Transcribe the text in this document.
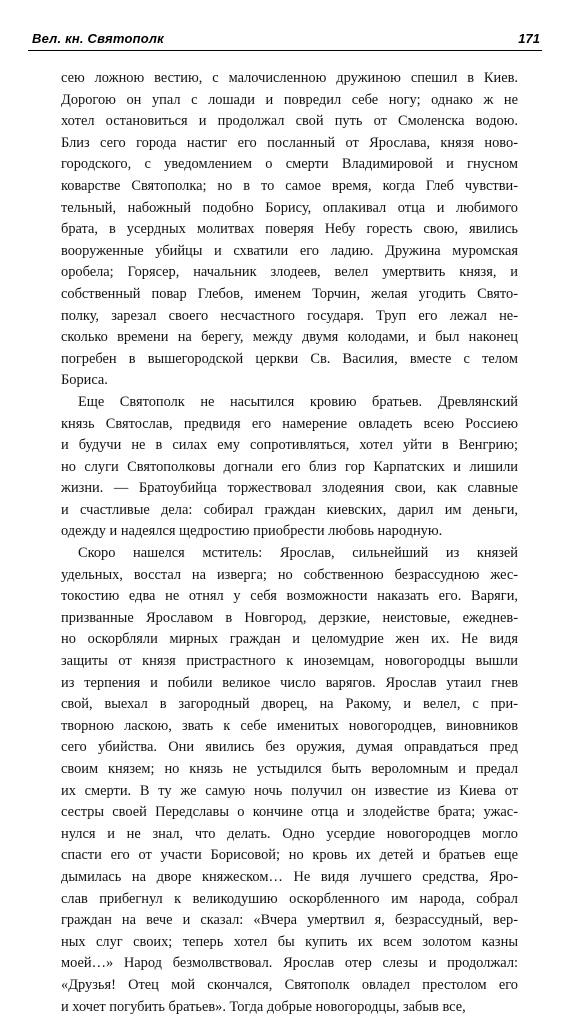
Вел. кн. Святополк	171
сею ложною вестию, с малочисленною дружиною спешил в Киев.
Дорогою он упал с лошади и повредил себе ногу; однако ж не
хотел остановиться и продолжал свой путь от Смоленска водою.
Близ сего города настиг его посланный от Ярослава, князя ново-
городского, с уведомлением о смерти Владимировой и гнусном
коварстве Святополка; но в то самое время, когда Глеб чувстви-
тельный, набожный подобно Борису, оплакивал отца и любимого
брата, в усердных молитвах поверяя Небу горесть свою, явились
вооруженные убийцы и схватили его ладию. Дружина муромская
оробела; Горясер, начальник злодеев, велел умертвить князя, и
собственный повар Глебов, именем Торчин, желая угодить Свято-
полку, зарезал своего несчастного государя. Труп его лежал не-
сколько времени на берегу, между двумя колодами, и был наконец
погребен в вышегородской церкви Св. Василия, вместе с телом
Бориса.
Еще Святополк не насытился кровию братьев. Древлянский
князь Святослав, предвидя его намерение овладеть всею Россиею
и будучи не в силах ему сопротивляться, хотел уйти в Венгрию;
но слуги Святополковы догнали его близ гор Карпатских и лишили
жизни. — Братоубийца торжествовал злодеяния свои, как славные
и счастливые дела: собирал граждан киевских, дарил им деньги,
одежду и надеялся щедростию приобрести любовь народную.
Скоро нашелся мститель: Ярослав, сильнейший из князей
удельных, восстал на изверга; но собственною безрассудною жес-
токостию едва не отнял у себя возможности наказать его. Варяги,
призванные Ярославом в Новгород, дерзкие, неистовые, ежеднев-
но оскорбляли мирных граждан и целомудрие жен их. Не видя
защиты от князя пристрастного к иноземцам, новогородцы вышли
из терпения и побили великое число варягов. Ярослав утаил гнев
свой, выехал в загородный дворец, на Ракому, и велел, с при-
творною ласкою, звать к себе именитых новогородцев, виновников
сего убийства. Они явились без оружия, думая оправдаться пред
своим князем; но князь не устыдился быть вероломным и предал
их смерти. В ту же самую ночь получил он известие из Киева от
сестры своей Передславы о кончине отца и злодействе брата; ужас-
нулся и не знал, что делать. Одно усердие новогородцев могло
спасти его от участи Борисовой; но кровь их детей и братьев еще
дымилась на дворе княжеском… Не видя лучшего средства, Яро-
слав прибегнул к великодушию оскорбленного им народа, собрал
граждан на вече и сказал: «Вчера умертвил я, безрассудный, вер-
ных слуг своих; теперь хотел бы купить их всем золотом казны
моей…» Народ безмолвствовал. Ярослав отер слезы и продолжал:
«Друзья! Отец мой скончался, Святополк овладел престолом его
и хочет погубить братьев». Тогда добрые новогородцы, забыв все,
